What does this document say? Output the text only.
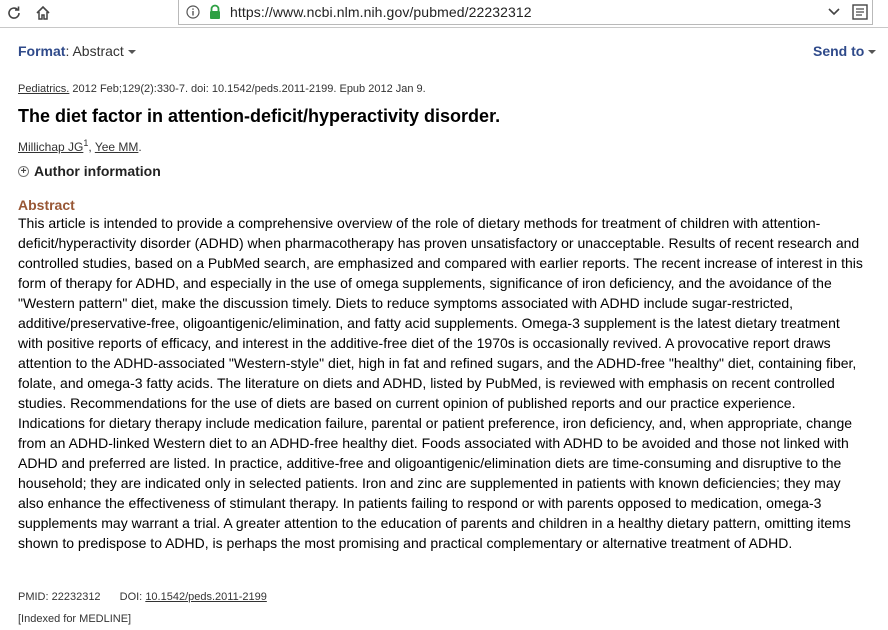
https://www.ncbi.nlm.nih.gov/pubmed/22232312
Format: Abstract	Send to
Pediatrics. 2012 Feb;129(2):330-7. doi: 10.1542/peds.2011-2199. Epub 2012 Jan 9.
The diet factor in attention-deficit/hyperactivity disorder.
Millichap $JG^1$, Yee MM.
+ Author information
Abstract

This article is intended to provide a comprehensive overview of the role of dietary methods for treatment of children with attention-deficit/hyperactivity disorder (ADHD) when pharmacotherapy has proven unsatisfactory or unacceptable. Results of recent research and controlled studies, based on a PubMed search, are emphasized and compared with earlier reports. The recent increase of interest in this form of therapy for ADHD, and especially in the use of omega supplements, significance of iron deficiency, and the avoidance of the "Western pattern" diet, make the discussion timely. Diets to reduce symptoms associated with ADHD include sugar-restricted, additive/preservative-free, oligoantigenic/elimination, and fatty acid supplements. Omega-3 supplement is the latest dietary treatment with positive reports of efficacy, and interest in the additive-free diet of the 1970s is occasionally revived. A provocative report draws attention to the ADHD-associated "Western-style" diet, high in fat and refined sugars, and the ADHD-free "healthy" diet, containing fiber, folate, and omega-3 fatty acids. The literature on diets and ADHD, listed by PubMed, is reviewed with emphasis on recent controlled studies. Recommendations for the use of diets are based on current opinion of published reports and our practice experience. Indications for dietary therapy include medication failure, parental or patient preference, iron deficiency, and, when appropriate, change from an ADHD-linked Western diet to an ADHD-free healthy diet. Foods associated with ADHD to be avoided and those not linked with ADHD and preferred are listed. In practice, additive-free and oligoantigenic/elimination diets are time-consuming and disruptive to the household; they are indicated only in selected patients. Iron and zinc are supplemented in patients with known deficiencies; they may also enhance the effectiveness of stimulant therapy. In patients failing to respond or with parents opposed to medication, omega-3 supplements may warrant a trial. A greater attention to the education of parents and children in a healthy dietary pattern, omitting items shown to predispose to ADHD, is perhaps the most promising and practical complementary or alternative treatment of ADHD.

PMID: 22232312 DOI: 10.1542/peds.2011-2199
[Indexed for MEDLINE]
